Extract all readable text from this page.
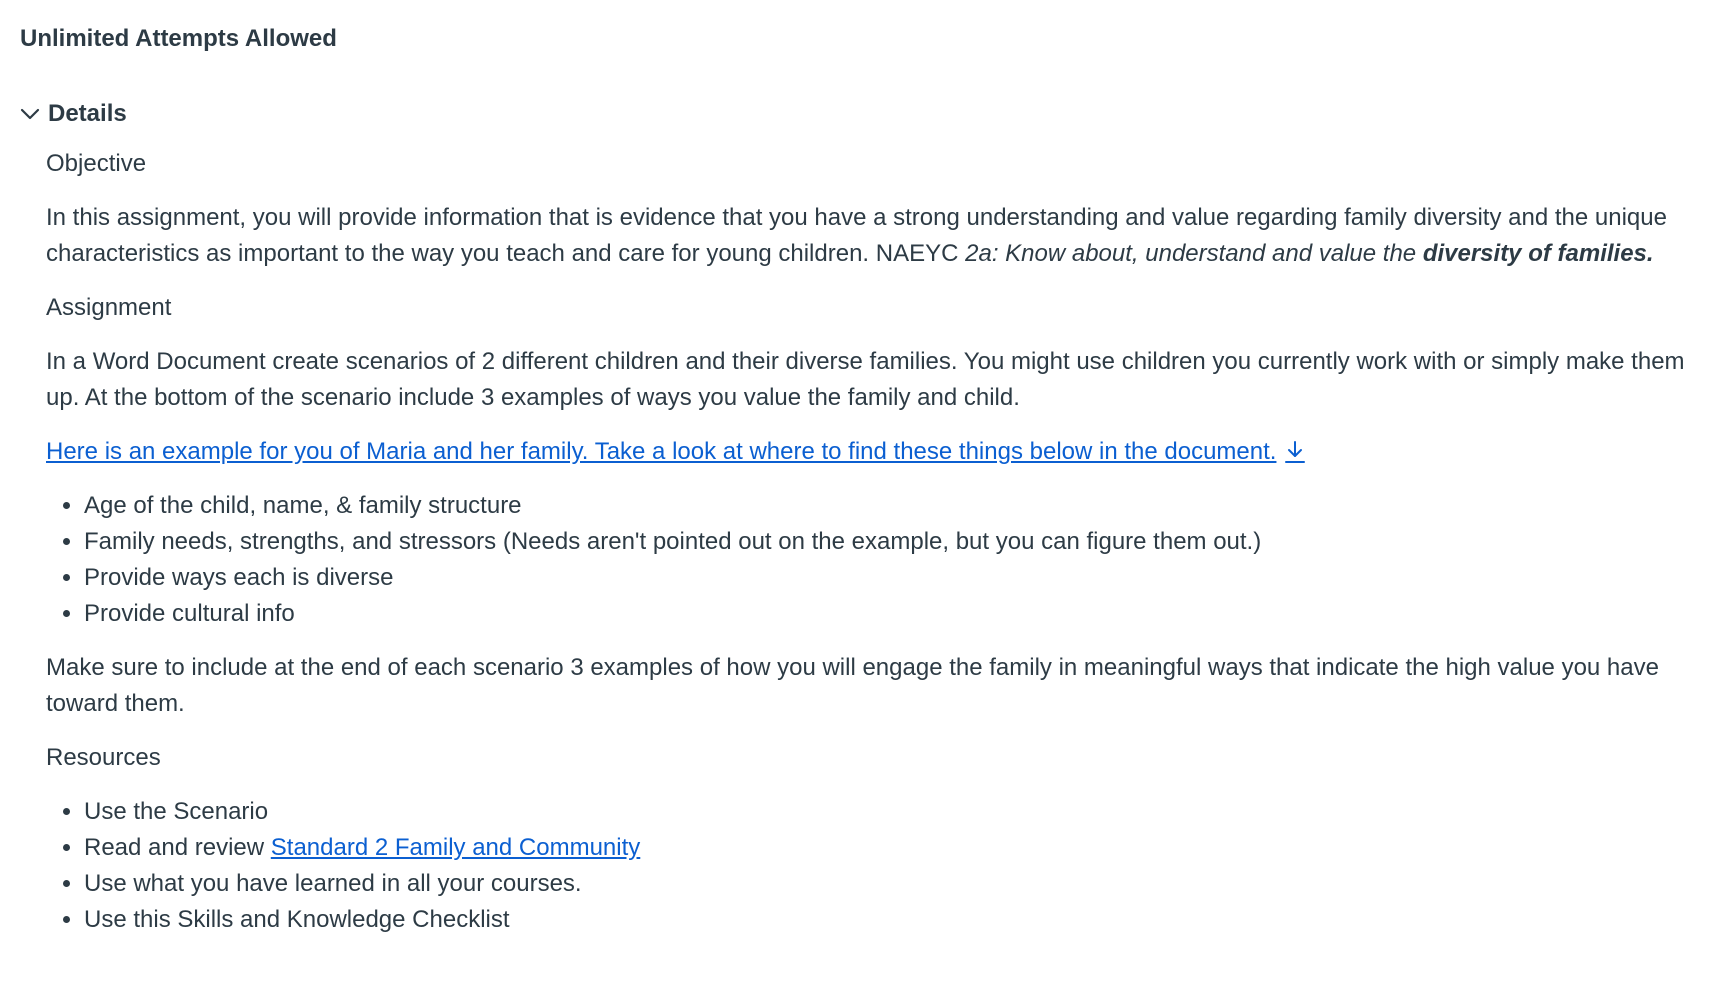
Unlimited Attempts Allowed
Details

Objective

In this assignment, you will provide information that is evidence that you have a strong understanding and value regarding family diversity and the unique characteristics as important to the way you teach and care for young children. NAEYC 2a: Know about, understand and value the diversity of families.

Assignment

In a Word Document create scenarios of 2 different children and their diverse families. You might use children you currently work with or simply make them up. At the bottom of the scenario include 3 examples of ways you value the family and child.

Here is an example for you of Maria and her family. Take a look at where to find these things below in the document.

• Age of the child, name, & family structure
• Family needs, strengths, and stressors (Needs aren't pointed out on the example, but you can figure them out.)
• Provide ways each is diverse
• Provide cultural info

Make sure to include at the end of each scenario 3 examples of how you will engage the family in meaningful ways that indicate the high value you have toward them.

Resources

• Use the Scenario
• Read and review Standard 2 Family and Community
• Use what you have learned in all your courses.
• Use this Skills and Knowledge Checklist
